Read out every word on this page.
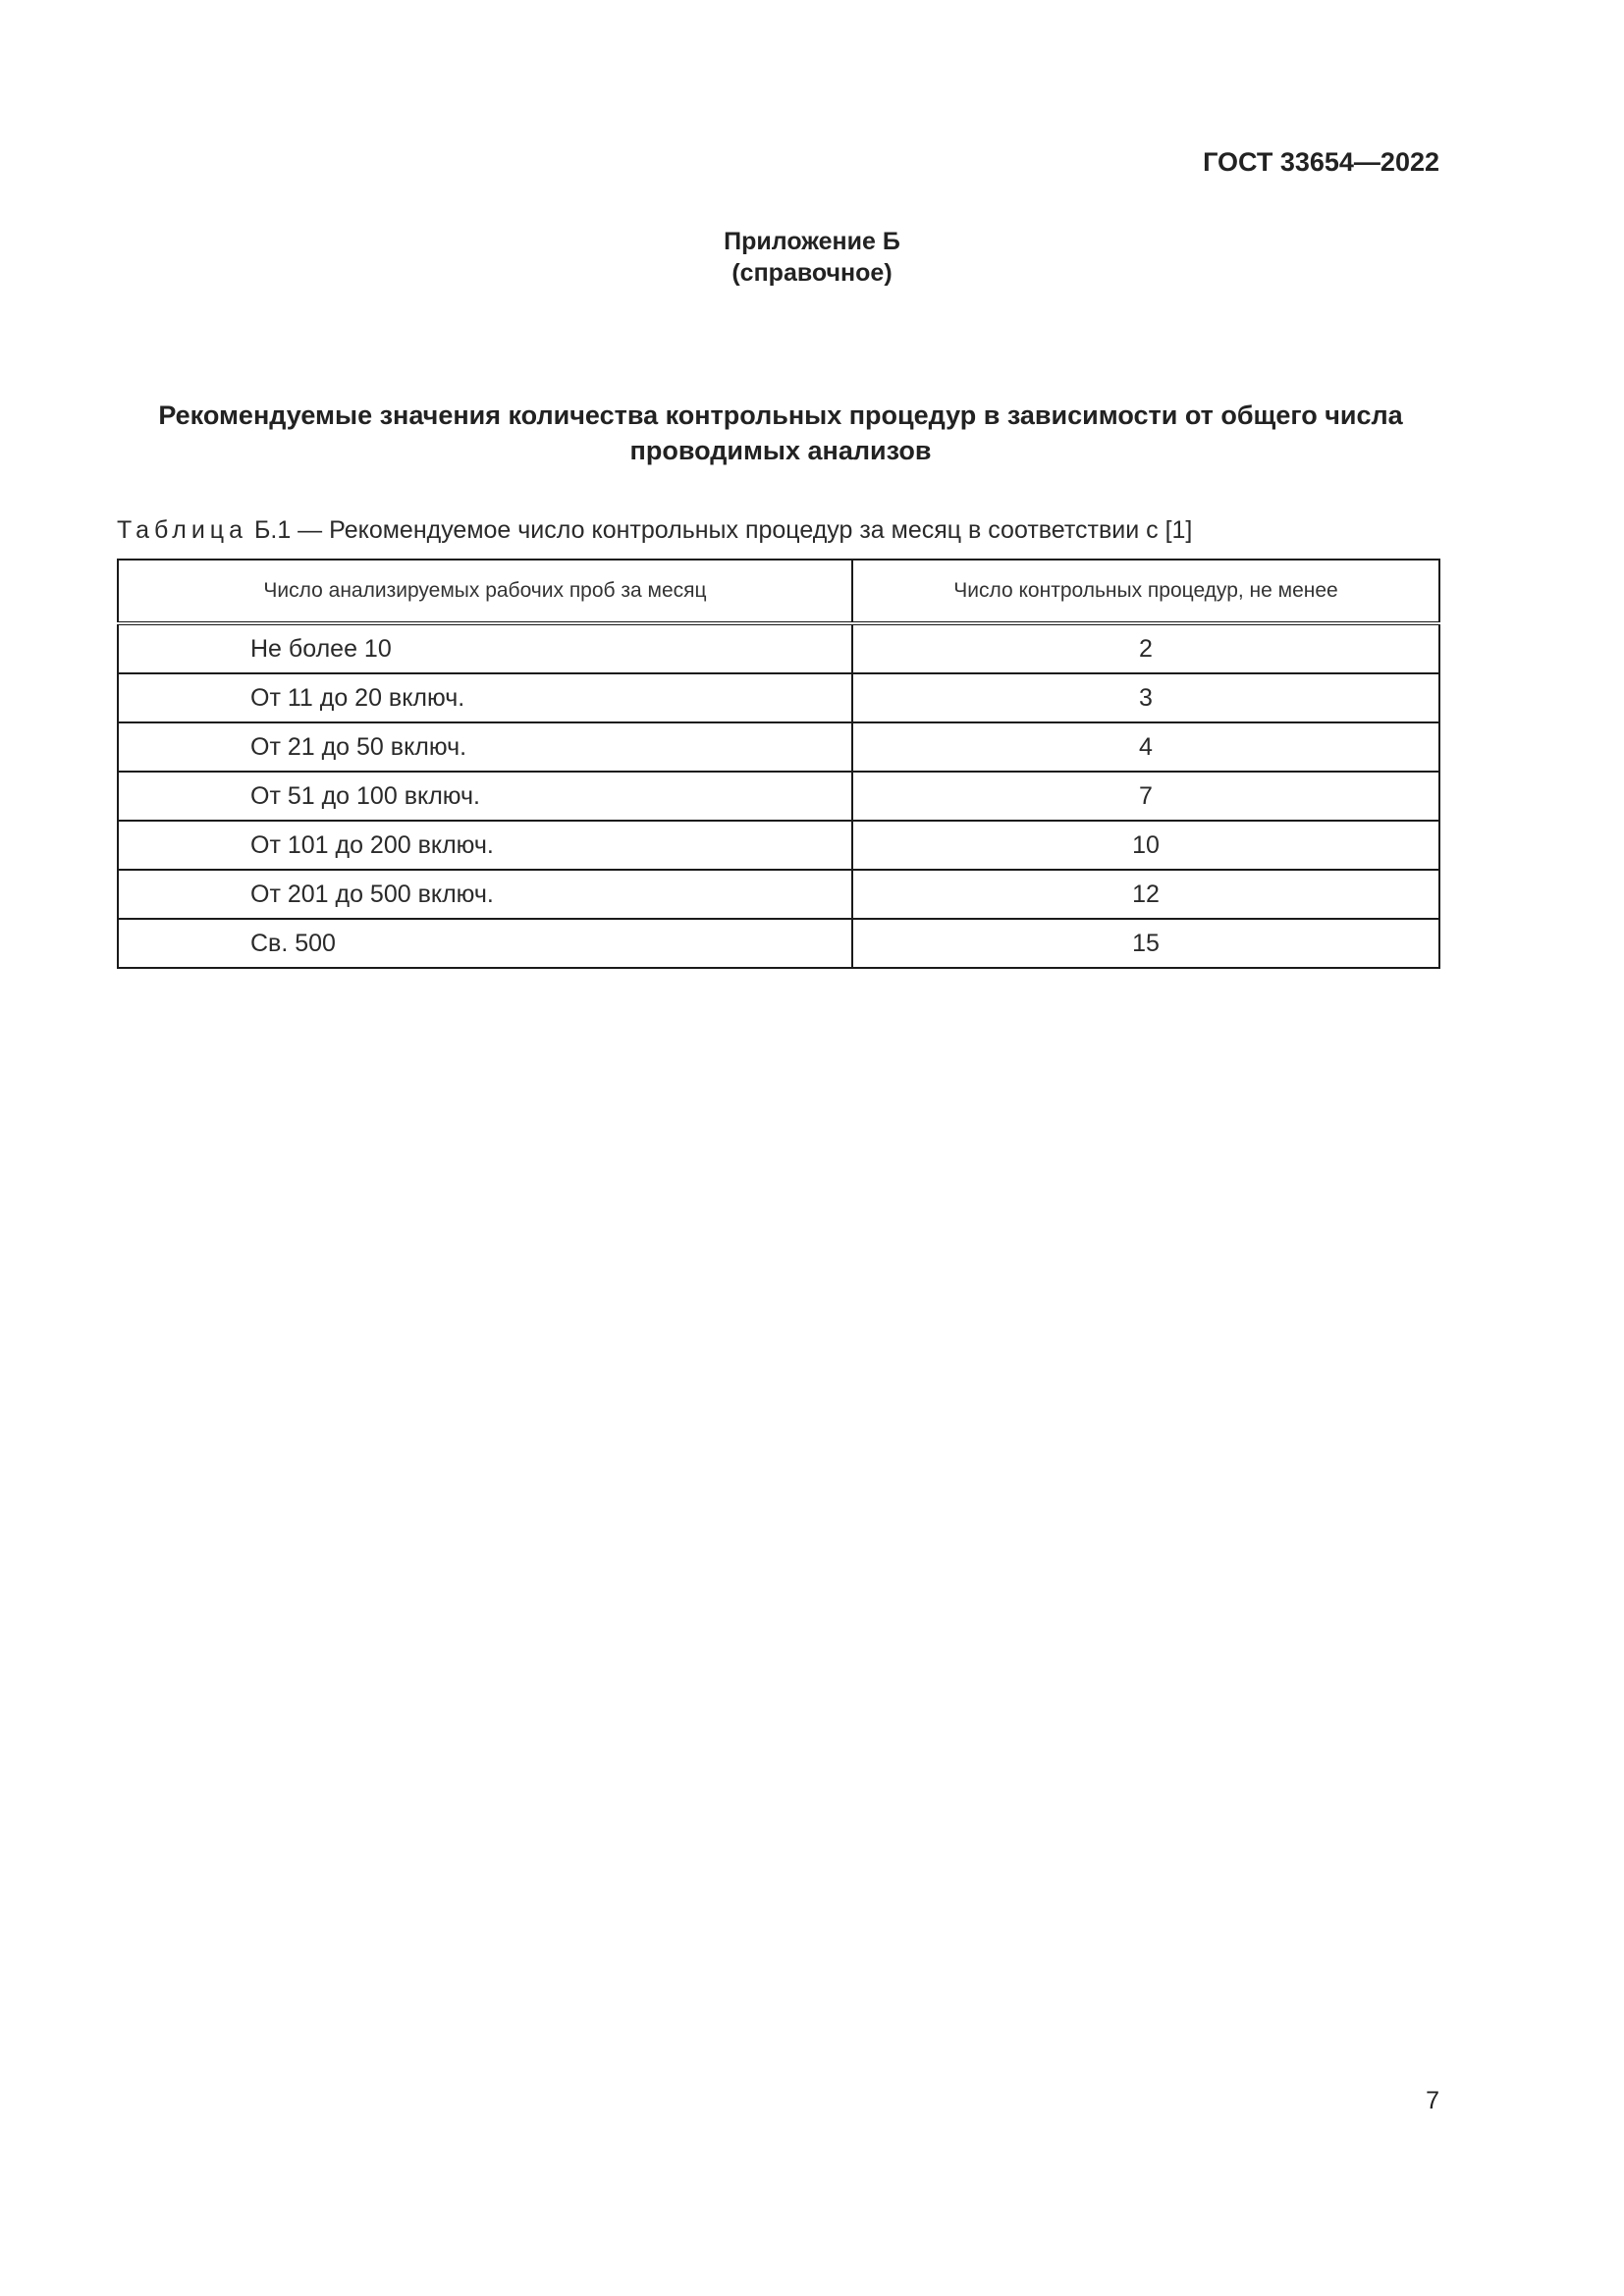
ГОСТ 33654—2022
Приложение Б
(справочное)
Рекомендуемые значения количества контрольных процедур в зависимости от общего числа
проводимых анализов
Таблица Б.1 — Рекомендуемое число контрольных процедур за месяц в соответствии с [1]
Число анализируемых рабочих проб за месяц	Число контрольных процедур, не менее
Не более 10	2
От 11 до 20 включ.	3
От 21 до 50 включ.	4
От 51 до 100 включ.	7
От 101 до 200 включ.	10
От 201 до 500 включ.	12
Св. 500	15
7
